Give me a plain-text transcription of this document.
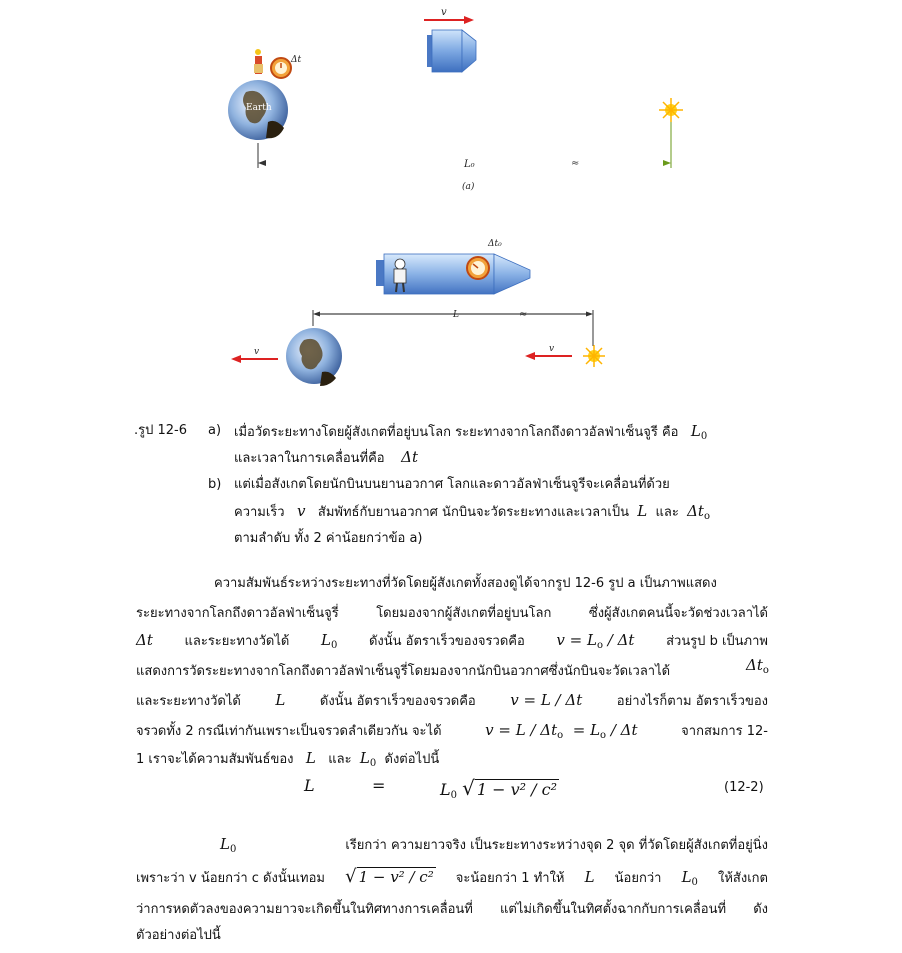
v
Δt
Earth
≈
L₀
(a)
Δt₀
≈
L
v	v
.รูป 12-6 a) เมื่อวัดระยะทางโดยผู้สังเกตที่อยู่บนโลก ระยะทางจากโลกถึงดาวอัลฟ่าเซ็นจูรี คือ $L_0$
และเวลาในการเคลื่อนที่คือ Δt
b) แต่เมื่อสังเกตโดยนักบินบนยานอวกาศ โลกและดาวอัลฟ่าเซ็นจูรีจะเคลื่อนที่ด้วย
ความเร็ว v สัมพัทธ์กับยานอวกาศ นักบินจะวัดระยะทางและเวลาเป็น L และ $\Delta t_o$
ตามลำดับ ทั้ง 2 ค่าน้อยกว่าข้อ a)
ความสัมพันธ์ระหว่างระยะทางที่วัดโดยผู้สังเกตทั้งสองดูได้จากรูป 12-6 รูป a เป็นภาพแสดง
ระยะทางจากโลกถึงดาวอัลฟ่าเซ็นจูรี่ โดยมองจากผู้สังเกตที่อยู่บนโลก ซึ่งผู้สังเกตคนนี้จะวัดช่วงเวลาได้
Δt และระยะทางวัดได้ $L_0$ ดังนั้น อัตราเร็วของจรวดคือ $v = L_o / \Delta t$ ส่วนรูป b เป็นภาพ
แสดงการวัดระยะทางจากโลกถึงดาวอัลฟ่าเซ็นจูรี่โดยมองจากนักบินอวกาศซึ่งนักบินจะวัดเวลาได้	$\Delta t_o$
และระยะทางวัดได้ L	ดังนั้น อัตราเร็วของจรวดคือ v = L / Δt	อย่างไรก็ตาม อัตราเร็วของ
จรวดทั้ง 2 กรณีเท่ากันเพราะเป็นจรวดลำเดียวกัน จะได้	$v = L / \Delta t_o = L_o / \Delta t$	จากสมการ 12-
1 เราจะได้ความสัมพันธ์ของ L และ $L_0$ ดังต่อไปนี้
L	=	$L_0$ √ 1 − v² / c²	(12-2)
$L_0$	เรียกว่า ความยาวจริง เป็นระยะทางระหว่างจุด 2 จุด ที่วัดโดยผู้สังเกตที่อยู่นิ่ง
เพราะว่า v น้อยกว่า c ดังนั้นเทอม √ 1 − v² / c² จะน้อยกว่า 1 ทำให้ L น้อยกว่า $L_0$ ให้สังเกต
ว่าการหดตัวลงของความยาวจะเกิดขึ้นในทิศทางการเคลื่อนที่ แต่ไม่เกิดขึ้นในทิศตั้งฉากกับการเคลื่อนที่ ดัง
ตัวอย่างต่อไปนี้
